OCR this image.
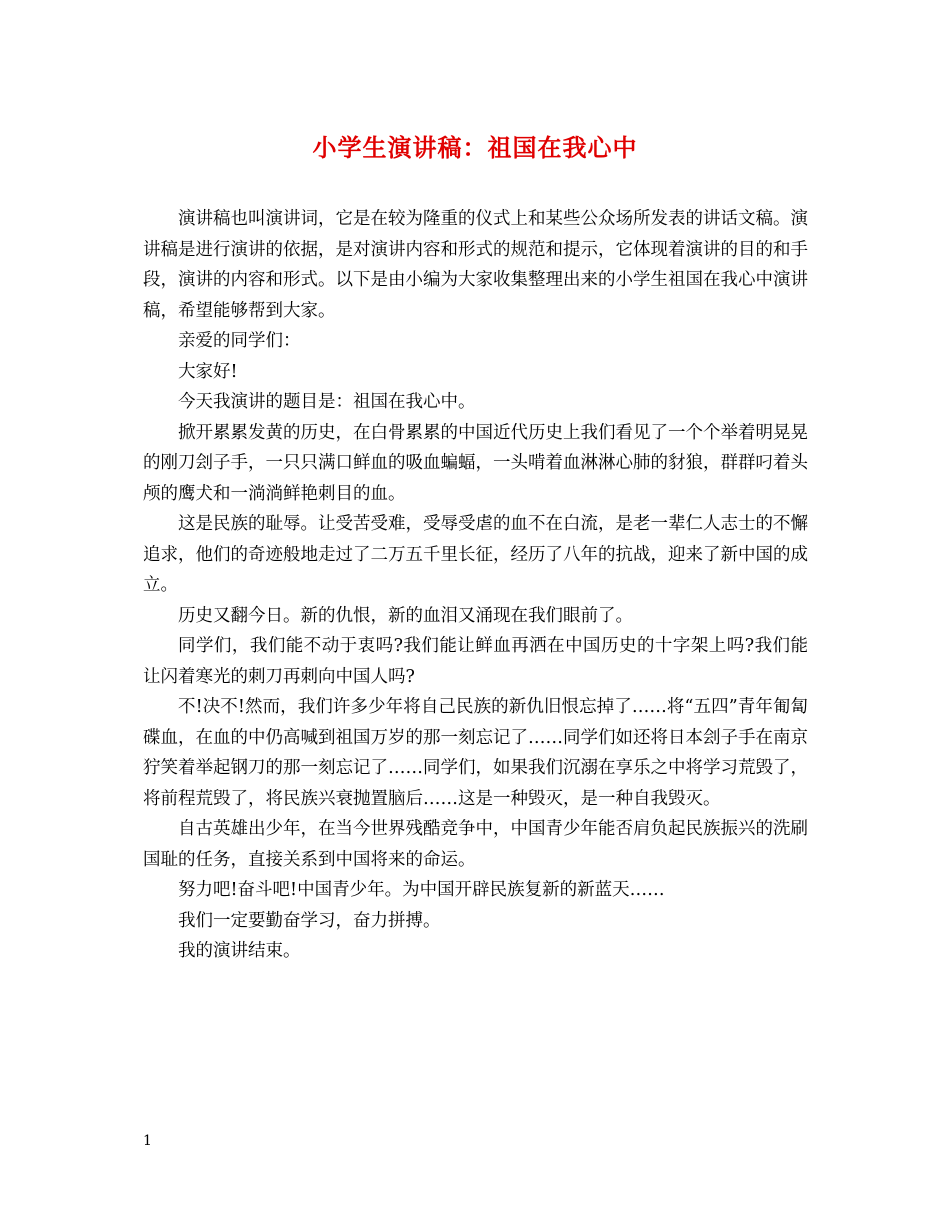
小学生演讲稿：祖国在我心中

演讲稿也叫演讲词，它是在较为隆重的仪式上和某些公众场所发表的讲话文稿。演讲稿是进行演讲的依据，是对演讲内容和形式的规范和提示，它体现着演讲的目的和手段，演讲的内容和形式。以下是由小编为大家收集整理出来的小学生祖国在我心中演讲稿，希望能够帮到大家。

亲爱的同学们：

大家好!

今天我演讲的题目是：祖国在我心中。

掀开累累发黄的历史，在白骨累累的中国近代历史上我们看见了一个个举着明晃晃的刚刀刽子手，一只只满口鲜血的吸血蝙蝠，一头啃着血淋淋心肺的豺狼，群群叼着头颅的鹰犬和一淌淌鲜艳刺目的血。

这是民族的耻辱。让受苦受难，受辱受虐的血不在白流，是老一辈仁人志士的不懈追求，他们的奇迹般地走过了二万五千里长征，经历了八年的抗战，迎来了新中国的成立。

历史又翻今日。新的仇恨，新的血泪又涌现在我们眼前了。

同学们，我们能不动于衷吗?我们能让鲜血再洒在中国历史的十字架上吗?我们能让闪着寒光的刺刀再刺向中国人吗?

不!决不!然而，我们许多少年将自己民族的新仇旧恨忘掉了……将“五四”青年匍匐碟血，在血的中仍高喊到祖国万岁的那一刻忘记了……同学们如还将日本刽子手在南京狞笑着举起钢刀的那一刻忘记了……同学们，如果我们沉溺在享乐之中将学习荒毁了，将前程荒毁了，将民族兴衰抛置脑后……这是一种毁灭，是一种自我毁灭。

自古英雄出少年，在当今世界残酷竞争中，中国青少年能否肩负起民族振兴的洗刷国耻的任务，直接关系到中国将来的命运。

努力吧!奋斗吧!中国青少年。为中国开辟民族复新的新蓝天……

我们一定要勤奋学习，奋力拼搏。

我的演讲结束。

1
